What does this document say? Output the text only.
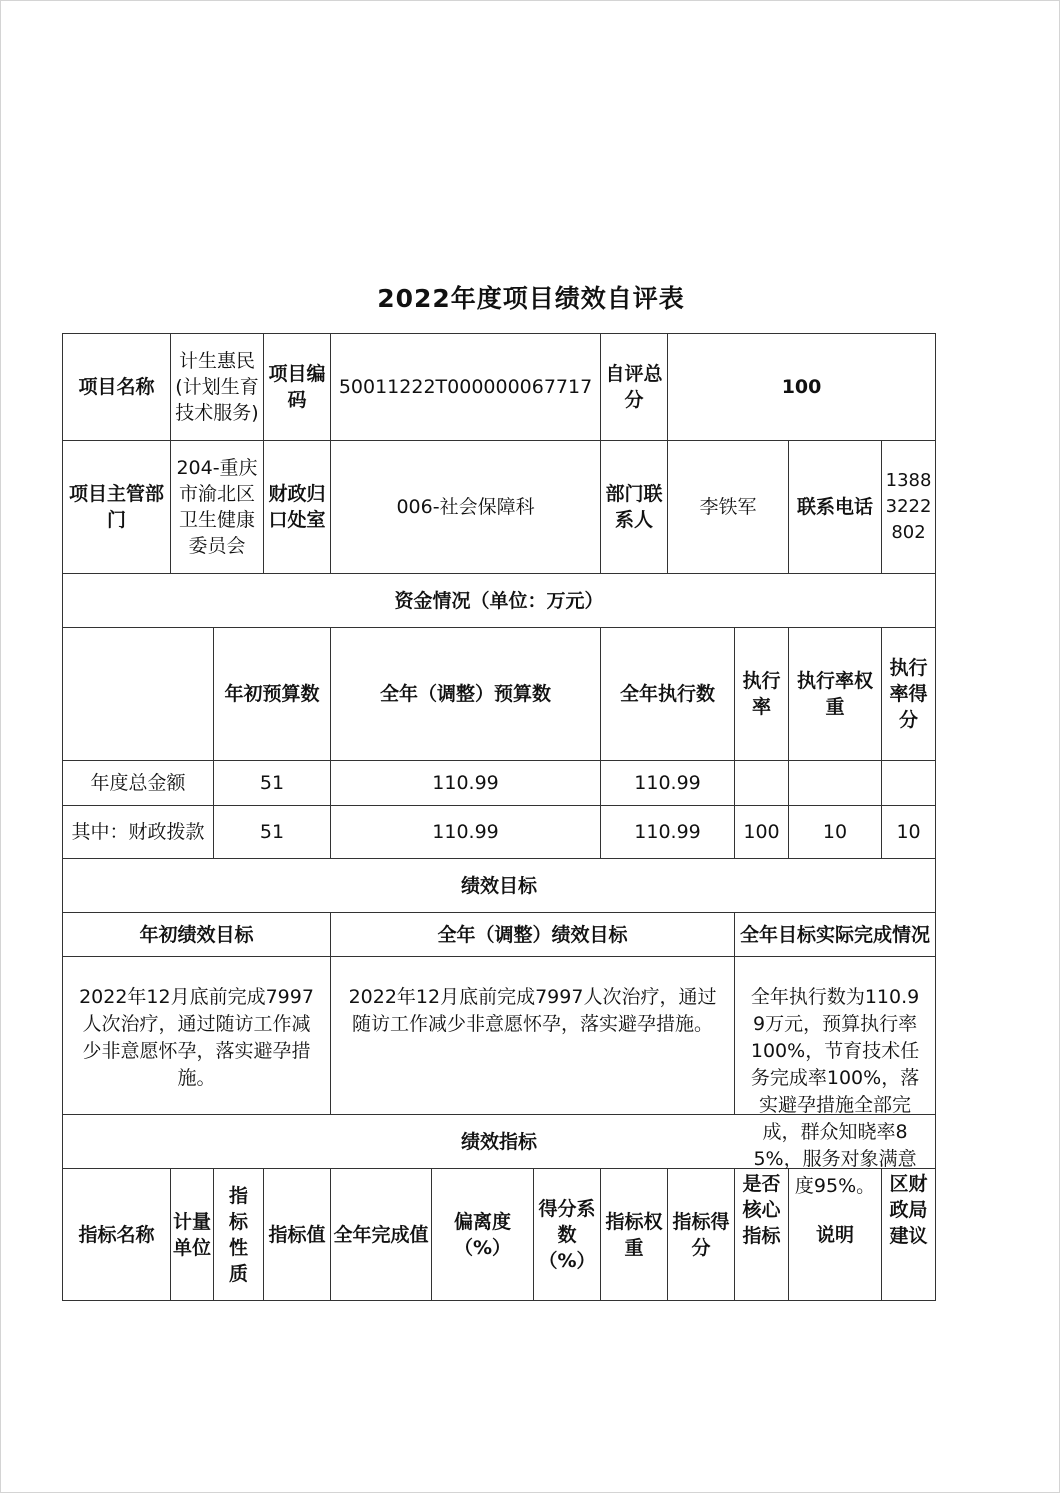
2022年度项目绩效自评表
项目名称	计生惠民(计划生育技术服务)		项目编码	50011222T000000067717			自评总分	100			
项目主管部门	204-重庆市渝北区卫生健康委员会		财政归口处室	006-社会保障科			部门联系人	李铁军		联系电话	13883222802
资金情况（单位：万元）											
		年初预算数		全年（调整）预算数			全年执行数		执行率	执行率权重	执行率得分
年度总金额		51		110.99			110.99				
其中：财政拨款		51		110.99			110.99		100	10	10
绩效目标											
年初绩效目标				全年（调整）绩效目标					全年目标实际完成情况		

2022年12月底前完成7997人次治疗，通过随访工作减少非意愿怀孕，落实避孕措施。				2022年12月底前完成7997人次治疗，通过随访工作减少非意愿怀孕，落实避孕措施。					全年执行数为110.99万元，预算执行率100%，节育技术任务完成率100%，落实避孕措施全部完成，群众知晓率85%，服务对象满意度95%。		

绩效指标											

指标名称	计量单位	指标性质	指标值	全年完成值	偏离度（%）	得分系数（%）	指标权重	指标得分	是否核心指标	说明	区财政局建议
